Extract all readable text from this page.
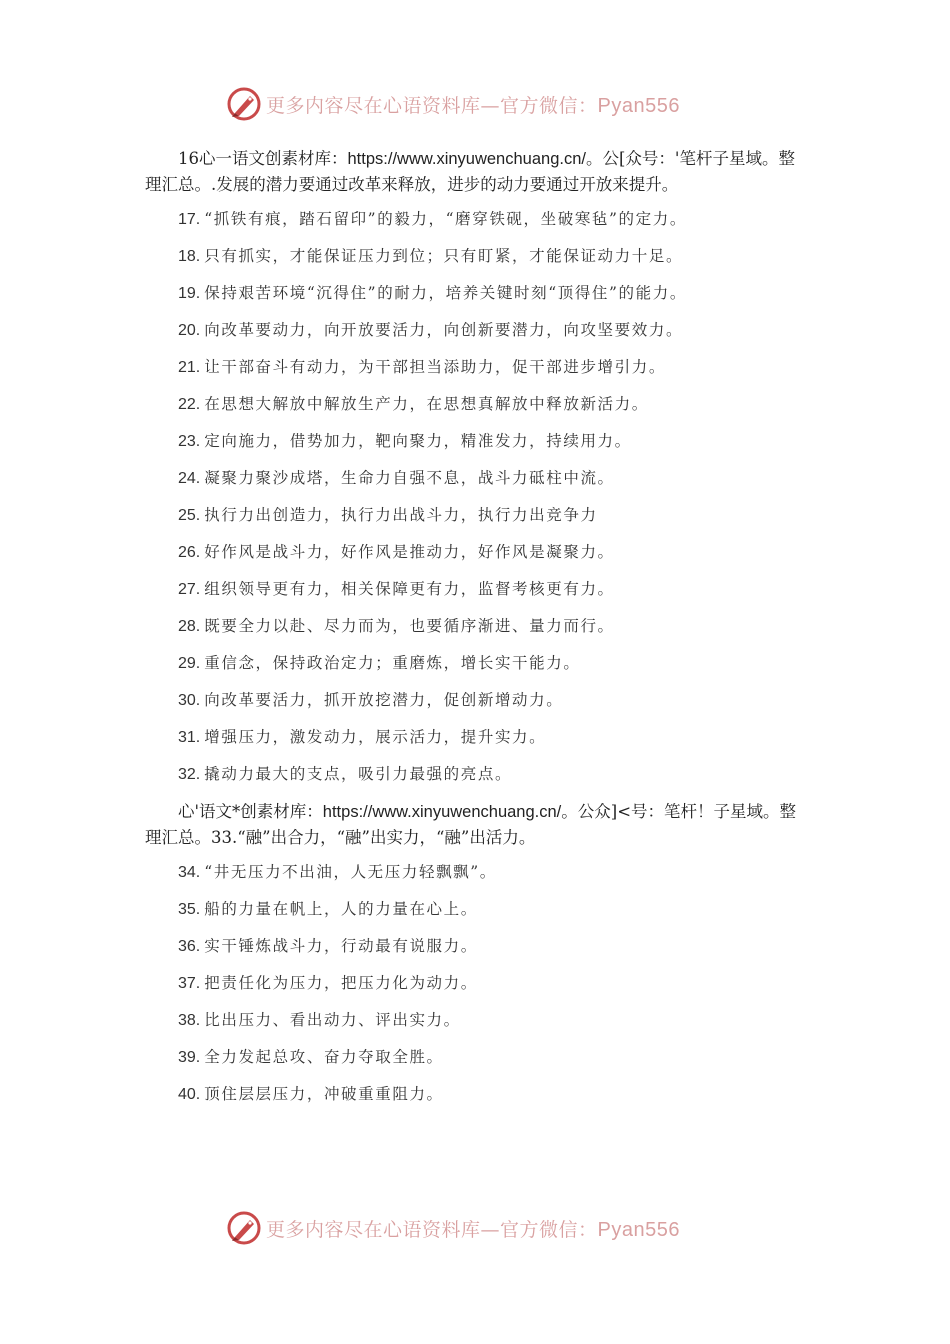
更多内容尽在心语资料库—官方微信：Pyan556

16心一语文创素材库：https://www.xinyuwenchuang.cn/。公[众号：'笔杆子星域。整理汇总。.发展的潜力要通过改革来释放，进步的动力要通过开放来提升。

17. “抓铁有痕，踏石留印”的毅力，“磨穿铁砚，坐破寒毡”的定力。
18. 只有抓实，才能保证压力到位；只有盯紧，才能保证动力十足。
19. 保持艰苦环境“沉得住”的耐力，培养关键时刻“顶得住”的能力。
20. 向改革要动力，向开放要活力，向创新要潜力，向攻坚要效力。
21. 让干部奋斗有动力，为干部担当添助力，促干部进步增引力。
22. 在思想大解放中解放生产力，在思想真解放中释放新活力。
23. 定向施力，借势加力，靶向聚力，精准发力，持续用力。
24. 凝聚力聚沙成塔，生命力自强不息，战斗力砥柱中流。
25. 执行力出创造力，执行力出战斗力，执行力出竞争力
26. 好作风是战斗力，好作风是推动力，好作风是凝聚力。
27. 组织领导更有力，相关保障更有力，监督考核更有力。
28. 既要全力以赴、尽力而为，也要循序渐进、量力而行。
29. 重信念，保持政治定力；重磨炼，增长实干能力。
30. 向改革要活力，抓开放挖潜力，促创新增动力。
31. 增强压力，激发动力，展示活力，提升实力。
32. 撬动力最大的支点，吸引力最强的亮点。

心'语文*创素材库：https://www.xinyuwenchuang.cn/。公众]<号：笔杆！子星域。整理汇总。33.“融”出合力，“融”出实力，“融”出活力。

34. “井无压力不出油，人无压力轻飘飘”。
35. 船的力量在帆上，人的力量在心上。
36. 实干锤炼战斗力，行动最有说服力。
37. 把责任化为压力，把压力化为动力。
38. 比出压力、看出动力、评出实力。
39. 全力发起总攻、奋力夺取全胜。
40. 顶住层层压力，冲破重重阻力。
更多内容尽在心语资料库—官方微信：Pyan556
